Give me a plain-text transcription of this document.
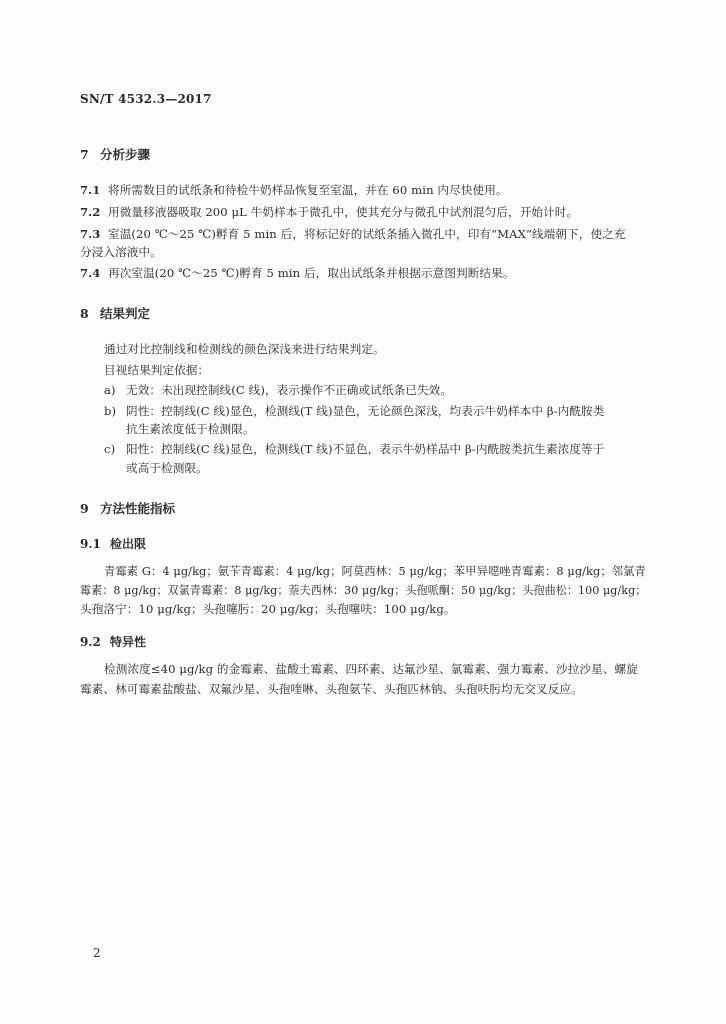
SN/T 4532.3—2017
7 分析步骤
7.1 将所需数目的试纸条和待检牛奶样品恢复至室温，并在 60 min 内尽快使用。
7.2 用微量移液器吸取 200 μL 牛奶样本于微孔中，使其充分与微孔中试剂混匀后，开始计时。
7.3 室温(20 ℃～25 ℃)孵育 5 min 后，将标记好的试纸条插入微孔中，印有“MAX”线端朝下，使之充
分浸入溶液中。
7.4 再次室温(20 ℃～25 ℃)孵育 5 min 后，取出试纸条并根据示意图判断结果。
8 结果判定
通过对比控制线和检测线的颜色深浅来进行结果判定。
目视结果判定依据：
a) 无效：未出现控制线(C 线)，表示操作不正确或试纸条已失效。
b) 阴性：控制线(C 线)显色，检测线(T 线)显色，无论颜色深浅，均表示牛奶样本中 β-内酰胺类
抗生素浓度低于检测限。
c) 阳性：控制线(C 线)显色，检测线(T 线)不显色，表示牛奶样品中 β-内酰胺类抗生素浓度等于
或高于检测限。
9 方法性能指标
9.1 检出限
青霉素 G：4 μg/kg；氨苄青霉素：4 μg/kg；阿莫西林：5 μg/kg；苯甲异噁唑青霉素：8 μg/kg；邻氯青
霉素：8 μg/kg；双氯青霉素：8 μg/kg；萘夫西林：30 μg/kg；头孢哌酮：50 μg/kg；头孢曲松：100 μg/kg；
头孢洛宁：10 μg/kg；头孢噻肟：20 μg/kg；头孢噻呋：100 μg/kg。
9.2 特异性
检测浓度≤40 μg/kg 的金霉素、盐酸土霉素、四环素、达氟沙星、氯霉素、强力霉素、沙拉沙星、螺旋
霉素、林可霉素盐酸盐、双氟沙星、头孢喹啉、头孢氨苄、头孢匹林钠、头孢呋肟均无交叉反应。
2
